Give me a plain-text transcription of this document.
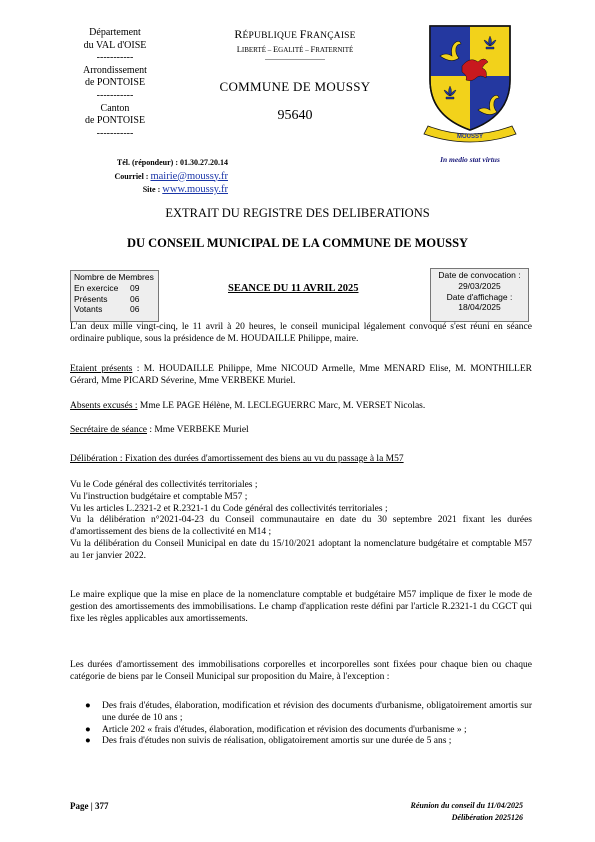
Département
du VAL d'OISE
-----------
Arrondissement
de PONTOISE
-----------
Canton
de PONTOISE
-----------
RÉPUBLIQUE FRANÇAISE
LIBERTÉ – EGALITÉ – FRATERNITÉ
COMMUNE DE MOUSSY
95640
MOUSSY
In medio stat virtus
Tél. (répondeur) : 01.30.27.20.14
Courriel : mairie@moussy.fr
Site : www.moussy.fr
EXTRAIT DU REGISTRE DES DELIBERATIONS
DU CONSEIL MUNICIPAL DE LA COMMUNE DE MOUSSY
Nombre de Membres
En exercice 09
Présents	06
Votants	06
SEANCE DU 11 AVRIL 2025
Date de convocation :
29/03/2025
Date d'affichage :
18/04/2025
L'an deux mille vingt-cinq, le 11 avril à 20 heures, le conseil municipal légalement convoqué s'est réuni en séance ordinaire publique, sous la présidence de M. HOUDAILLE Philippe, maire.
Etaient présents : M. HOUDAILLE Philippe, Mme NICOUD Armelle, Mme MENARD Elise, M. MONTHILLER Gérard, Mme PICARD Séverine, Mme VERBEKE Muriel.
Absents excusés : Mme LE PAGE Hélène, M. LECLEGUERRC Marc, M. VERSET Nicolas.
Secrétaire de séance : Mme VERBEKE Muriel
Délibération : Fixation des durées d'amortissement des biens au vu du passage à la M57
Vu le Code général des collectivités territoriales ;
Vu l'instruction budgétaire et comptable M57 ;
Vu les articles L.2321-2 et R.2321-1 du Code général des collectivités territoriales ;
Vu la délibération n°2021-04-23 du Conseil communautaire en date du 30 septembre 2021 fixant les durées d'amortissement des biens de la collectivité en M14 ;
Vu la délibération du Conseil Municipal en date du 15/10/2021 adoptant la nomenclature budgétaire et comptable M57 au 1er janvier 2022.
Le maire explique que la mise en place de la nomenclature comptable et budgétaire M57 implique de fixer le mode de gestion des amortissements des immobilisations. Le champ d'application reste défini par l'article R.2321-1 du CGCT qui fixe les règles applicables aux amortissements.
Les durées d'amortissement des immobilisations corporelles et incorporelles sont fixées pour chaque bien ou chaque catégorie de biens par le Conseil Municipal sur proposition du Maire, à l'exception :
● Des frais d'études, élaboration, modification et révision des documents d'urbanisme, obligatoirement amortis sur une durée de 10 ans ;
● Article 202 « frais d'études, élaboration, modification et révision des documents d'urbanisme » ;
● Des frais d'études non suivis de réalisation, obligatoirement amortis sur une durée de 5 ans ;
Page | 377	Réunion du conseil du 11/04/2025
Délibération 2025126
